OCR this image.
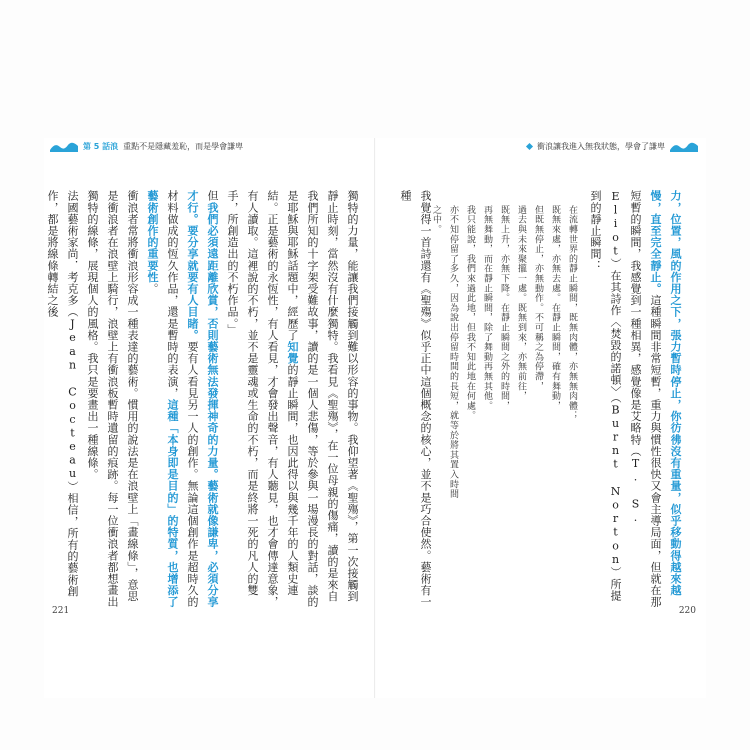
第 5 話浪 重點不是隱藏羞恥，而是學會謙卑	衝浪讓我進入無我狀態，學會了謙卑

獨特的力量，能讓我們接觸到難以形容的事物。我仰望著《聖殤》，第一次接觸到靜止時刻，當然沒有什麼獨特。我看見《聖殤》，在一位母親的傷痛，讀的是來自我們所知的十字架受難故事，讀的是一個人悲傷，等於參與一場漫長的對話，談的是耶穌與耶穌話題中，經歷了知覺的靜止瞬間，也因此得以與幾千年的人類史連結。正是藝術的永恆性，有人看見，才會發出聲音，有人聽見，也才會傳達意象，有人讀取。這裡說的不朽，並不是靈魂或生命的不朽，而是終將一死的凡人的雙手，所創造出的不朽作品。」

但我們必須遠距離欣賞，否則藝術無法發揮神奇的力量。藝術就像謙卑，必須分享才行。要分享就要有人目睹。要有人看見另一人的創作。無論這個創作是超時久的材料做成的恆久作品，還是暫時的表演，這種「本身即是目的」的特質，也增添了藝術創作的重要性。

衝浪者常將衝浪形容成一種表達的藝術。慣用的說法是在浪壁上「畫線條」，意思是衝浪者在浪壁上騎行，浪壁上有衝浪板暫時遺留的痕跡。每一位衝浪者都想畫出獨特的線條，展現個人的風格。我只是要畫出一種線條。

法國藝術家尚．考克多（Jean Cocteau）相信，所有的藝術創作，都是將線條轉結之後	力，位置，風的作用之下，張力暫時停止，你彷彿沒有重量，似乎移動得越來越慢，直至完全靜止。這種瞬間非常短暫，重力與慣性很快又會主導局面，但就在那短暫的瞬間，我感覺到一種相異，感覺像是艾略特（T. S. Eliot）在其詩作〈焚毀的諾頓〉（Burnt Norton）所提到的靜止瞬間：

在流轉世界的靜止瞬間，既無肉體，亦無無肉體；

既無來處，亦無去處。在靜止瞬間，確有舞動，

但既無停止，亦無動作。不可稱之為停滯，

過去與未來聚攏一處。既無到來，亦無前往，

既無上升，亦無下降。在靜止瞬間之外的時間，

再無舞動，而在靜止瞬間，除了舞動再無其他。

我只能說，我們來過此地，但我不知此地在何處。

亦不知停留了多久，因為說出停留時間的長短，就等於將其置入時間之中。

我覺得一首詩還有《聖殤》似乎正中這個概念的核心，並不是巧合使然。藝術有一種

221	220
